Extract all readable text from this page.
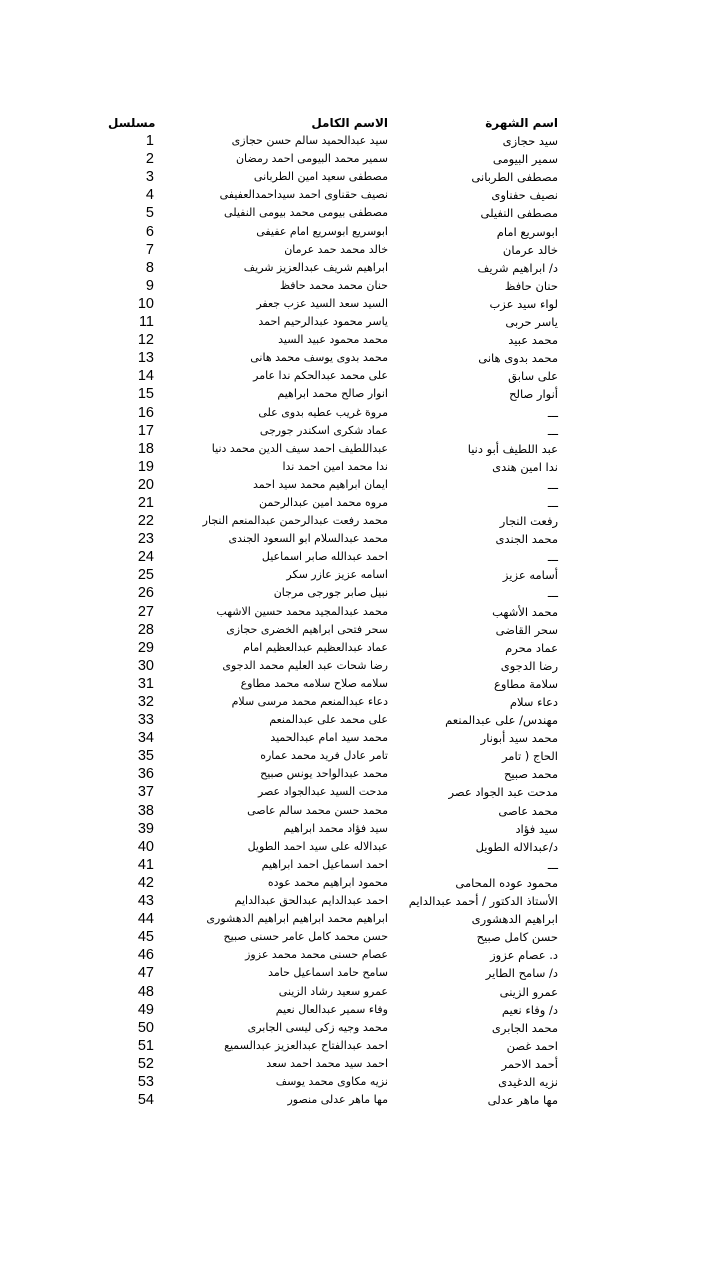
مسلسل	الاسم الكامل	اسم الشهرة
1	سيد عبدالحميد سالم حسن حجازى	سيد حجازى
2	سمير محمد البيومى احمد رمضان	سمير البيومى
3	مصطفى سعيد امين الطربانى	مصطفى الطربانى
4	نصيف حقناوى احمد سيداحمدالعفيفى	نصيف حفناوى
5	مصطفى بيومى محمد بيومى النفيلى	مصطفى النفيلى
6	ابوسريع ابوسريع امام عفيفى	ابوسريع امام
7	خالد محمد حمد عرمان	خالد عرمان
8	ابراهيم شريف عبدالعزيز شريف	د/ ابراهيم شريف
9	حنان محمد محمد حافظ	حنان حافظ
10	السيد سعد السيد عزب جعفر	لواء سيد عزب
11	ياسر محمود عبدالرحيم احمد	ياسر حربى
12	محمد محمود عبيد السيد	محمد عبيد
13	محمد بدوى يوسف محمد هانى	محمد بدوى هانى
14	على محمد عبدالحكم ندا عامر	على سابق
15	انوار صالح محمد ابراهيم	أنوار صالح
16	مروة غريب عطيه بدوى على	ـــ
17	عماد شكرى اسكندر جورجى	ـــ
18	عبداللطيف احمد سيف الدين محمد دنيا	عبد اللطيف أبو دنيا
19	ندا محمد امين احمد ندا	ندا امين هندى
20	ايمان ابراهيم محمد سيد احمد	ـــ
21	مروه محمد امين عبدالرحمن	ـــ
22	محمد رفعت عبدالرحمن عبدالمنعم النجار	رفعت النجار
23	محمد عبدالسلام ابو السعود الجندى	محمد الجندى
24	احمد عبدالله صابر اسماعيل	ـــ
25	اسامه عزيز عازر سكر	أسامه عزيز
26	نبيل صابر جورجى مرجان	ـــ
27	محمد عبدالمجيد محمد حسين الاشهب	محمد الأشهب
28	سحر فتحى ابراهيم الخضرى حجازى	سحر القاضى
29	عماد عبدالعظيم عبدالعظيم امام	عماد محرم
30	رضا شحات عبد العليم محمد الدجوى	رضا الدجوى
31	سلامه صلاح سلامه محمد مطاوع	سلامة مطاوع
32	دعاء عبدالمنعم محمد مرسى سلام	دعاء سلام
33	على محمد على عبدالمنعم	مهندس/ على عبدالمنعم
34	محمد سيد امام عبدالحميد	محمد سيد أبونار
35	تامر عادل فريد محمد عماره	الحاج ( تامر
36	محمد عبدالواحد يونس صبيح	محمد صبيح
37	مدحت السيد عبدالجواد عصر	مدحت عبد الجواد عصر
38	محمد حسن محمد سالم عاصى	محمد عاصى
39	سيد فؤاد محمد ابراهيم	سيد فؤاد
40	عبدالاله على سيد احمد الطويل	د/عبدالاله الطويل
41	احمد اسماعيل احمد ابراهيم	ـــ
42	محمود ابراهيم محمد عوده	محمود عوده المحامى
43	احمد عبدالدايم عبدالحق عبدالدايم	الأستاذ الدكتور / أحمد عبدالدايم
44	ابراهيم محمد ابراهيم ابراهيم الدهشورى	ابراهيم الدهشورى
45	حسن محمد كامل عامر حسنى صبيح	حسن كامل صبيح
46	عصام حسنى محمد محمد عزوز	د. عصام عزوز
47	سامح حامد اسماعيل حامد	د/ سامح الطاير
48	عمرو سعيد رشاد الزينى	عمرو الزينى
49	وفاء سمير عبدالعال نعيم	د/ وفاء نعيم
50	محمد وجيه زكى ليسى الجابرى	محمد الجابرى
51	احمد عبدالفتاح عبدالعزيز عبدالسميع	احمد غصن
52	احمد سيد محمد احمد سعد	أحمد الاحمر
53	نزيه مكاوى محمد يوسف	نزيه الدغيدى
54	مها ماهر عدلى منصور	مها ماهر عدلى
